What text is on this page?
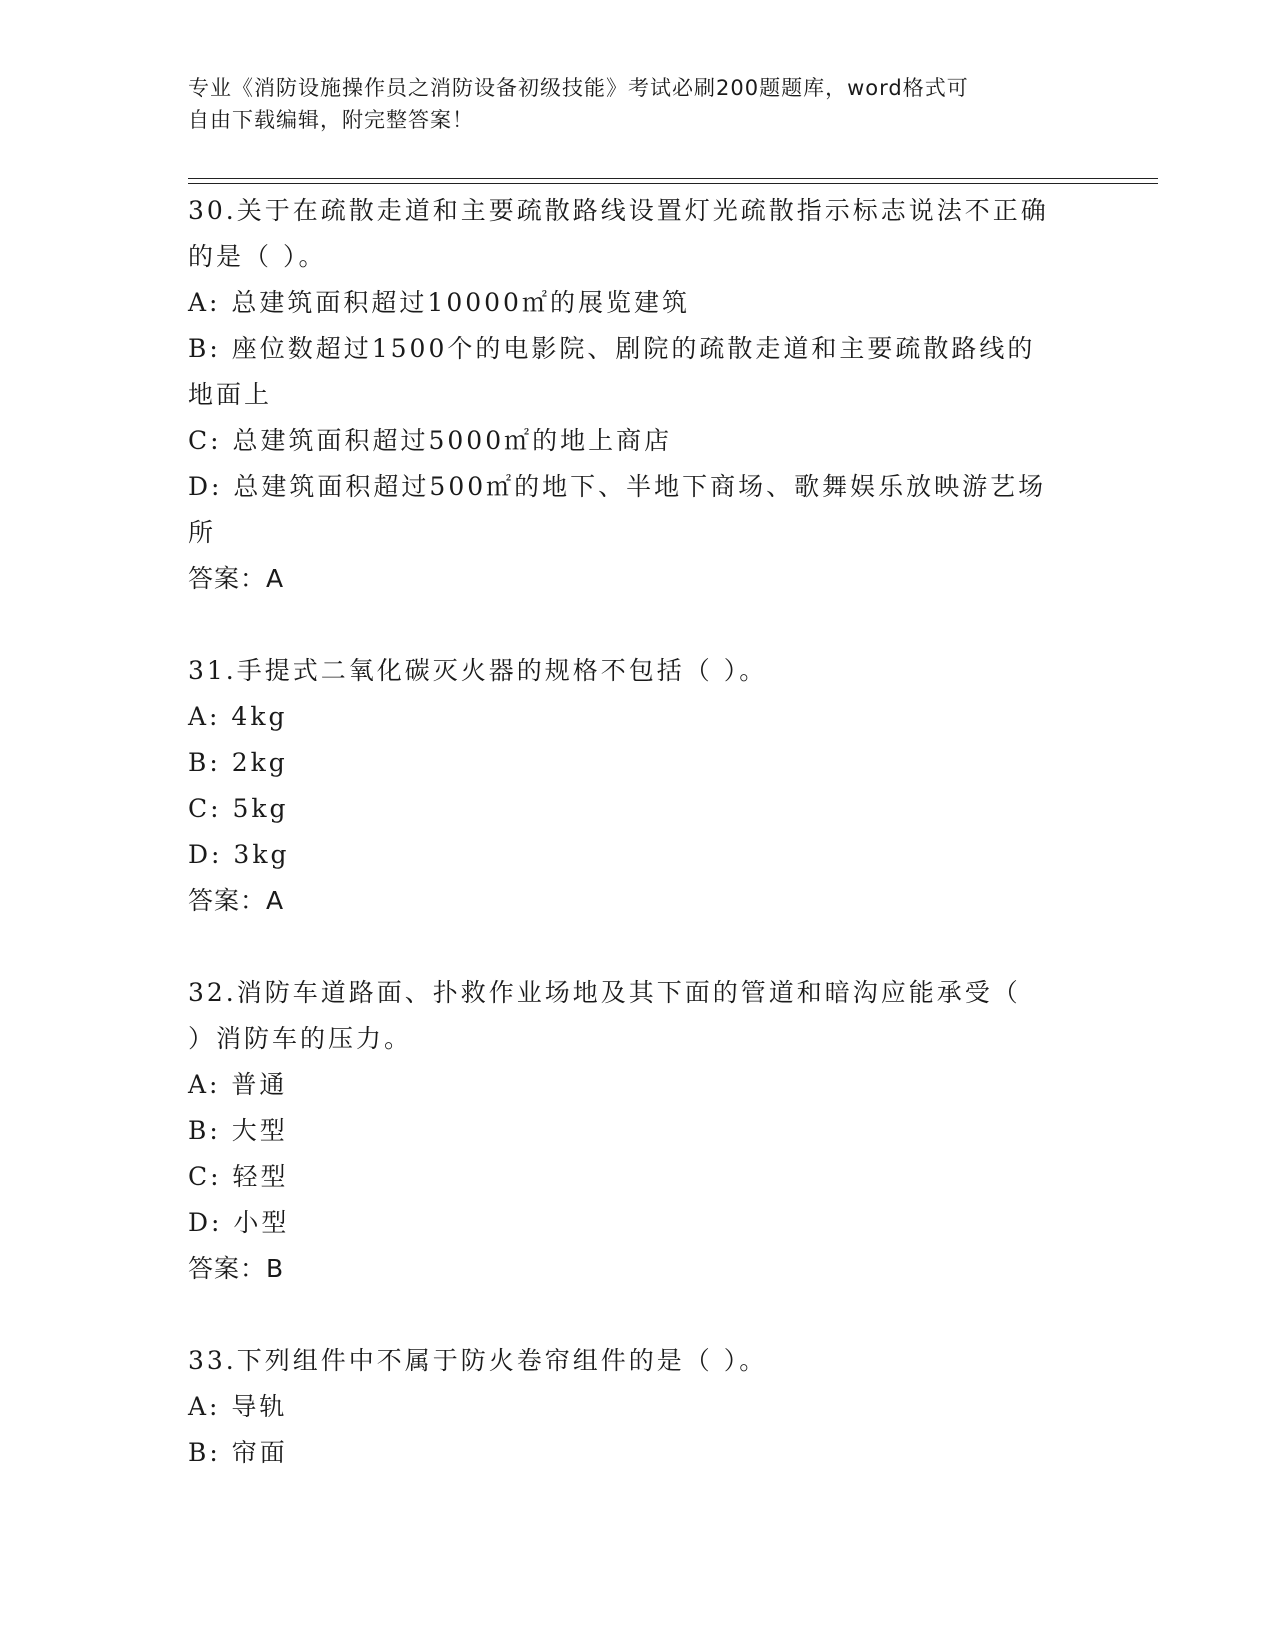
专业《消防设施操作员之消防设备初级技能》考试必刷200题题库，word格式可
自由下载编辑，附完整答案！

30.关于在疏散走道和主要疏散路线设置灯光疏散指示标志说法不正确

的是（ ）。

A: 总建筑面积超过10000㎡的展览建筑

B: 座位数超过1500个的电影院、剧院的疏散走道和主要疏散路线的

地面上

C: 总建筑面积超过5000㎡的地上商店

D: 总建筑面积超过500㎡的地下、半地下商场、歌舞娱乐放映游艺场

所

答案：A

31.手提式二氧化碳灭火器的规格不包括（ ）。

A: 4kg

B: 2kg

C: 5kg

D: 3kg

答案：A

32.消防车道路面、扑救作业场地及其下面的管道和暗沟应能承受（

）消防车的压力。

A: 普通

B: 大型

C: 轻型

D: 小型

答案：B

33.下列组件中不属于防火卷帘组件的是（ ）。

A: 导轨

B: 帘面
